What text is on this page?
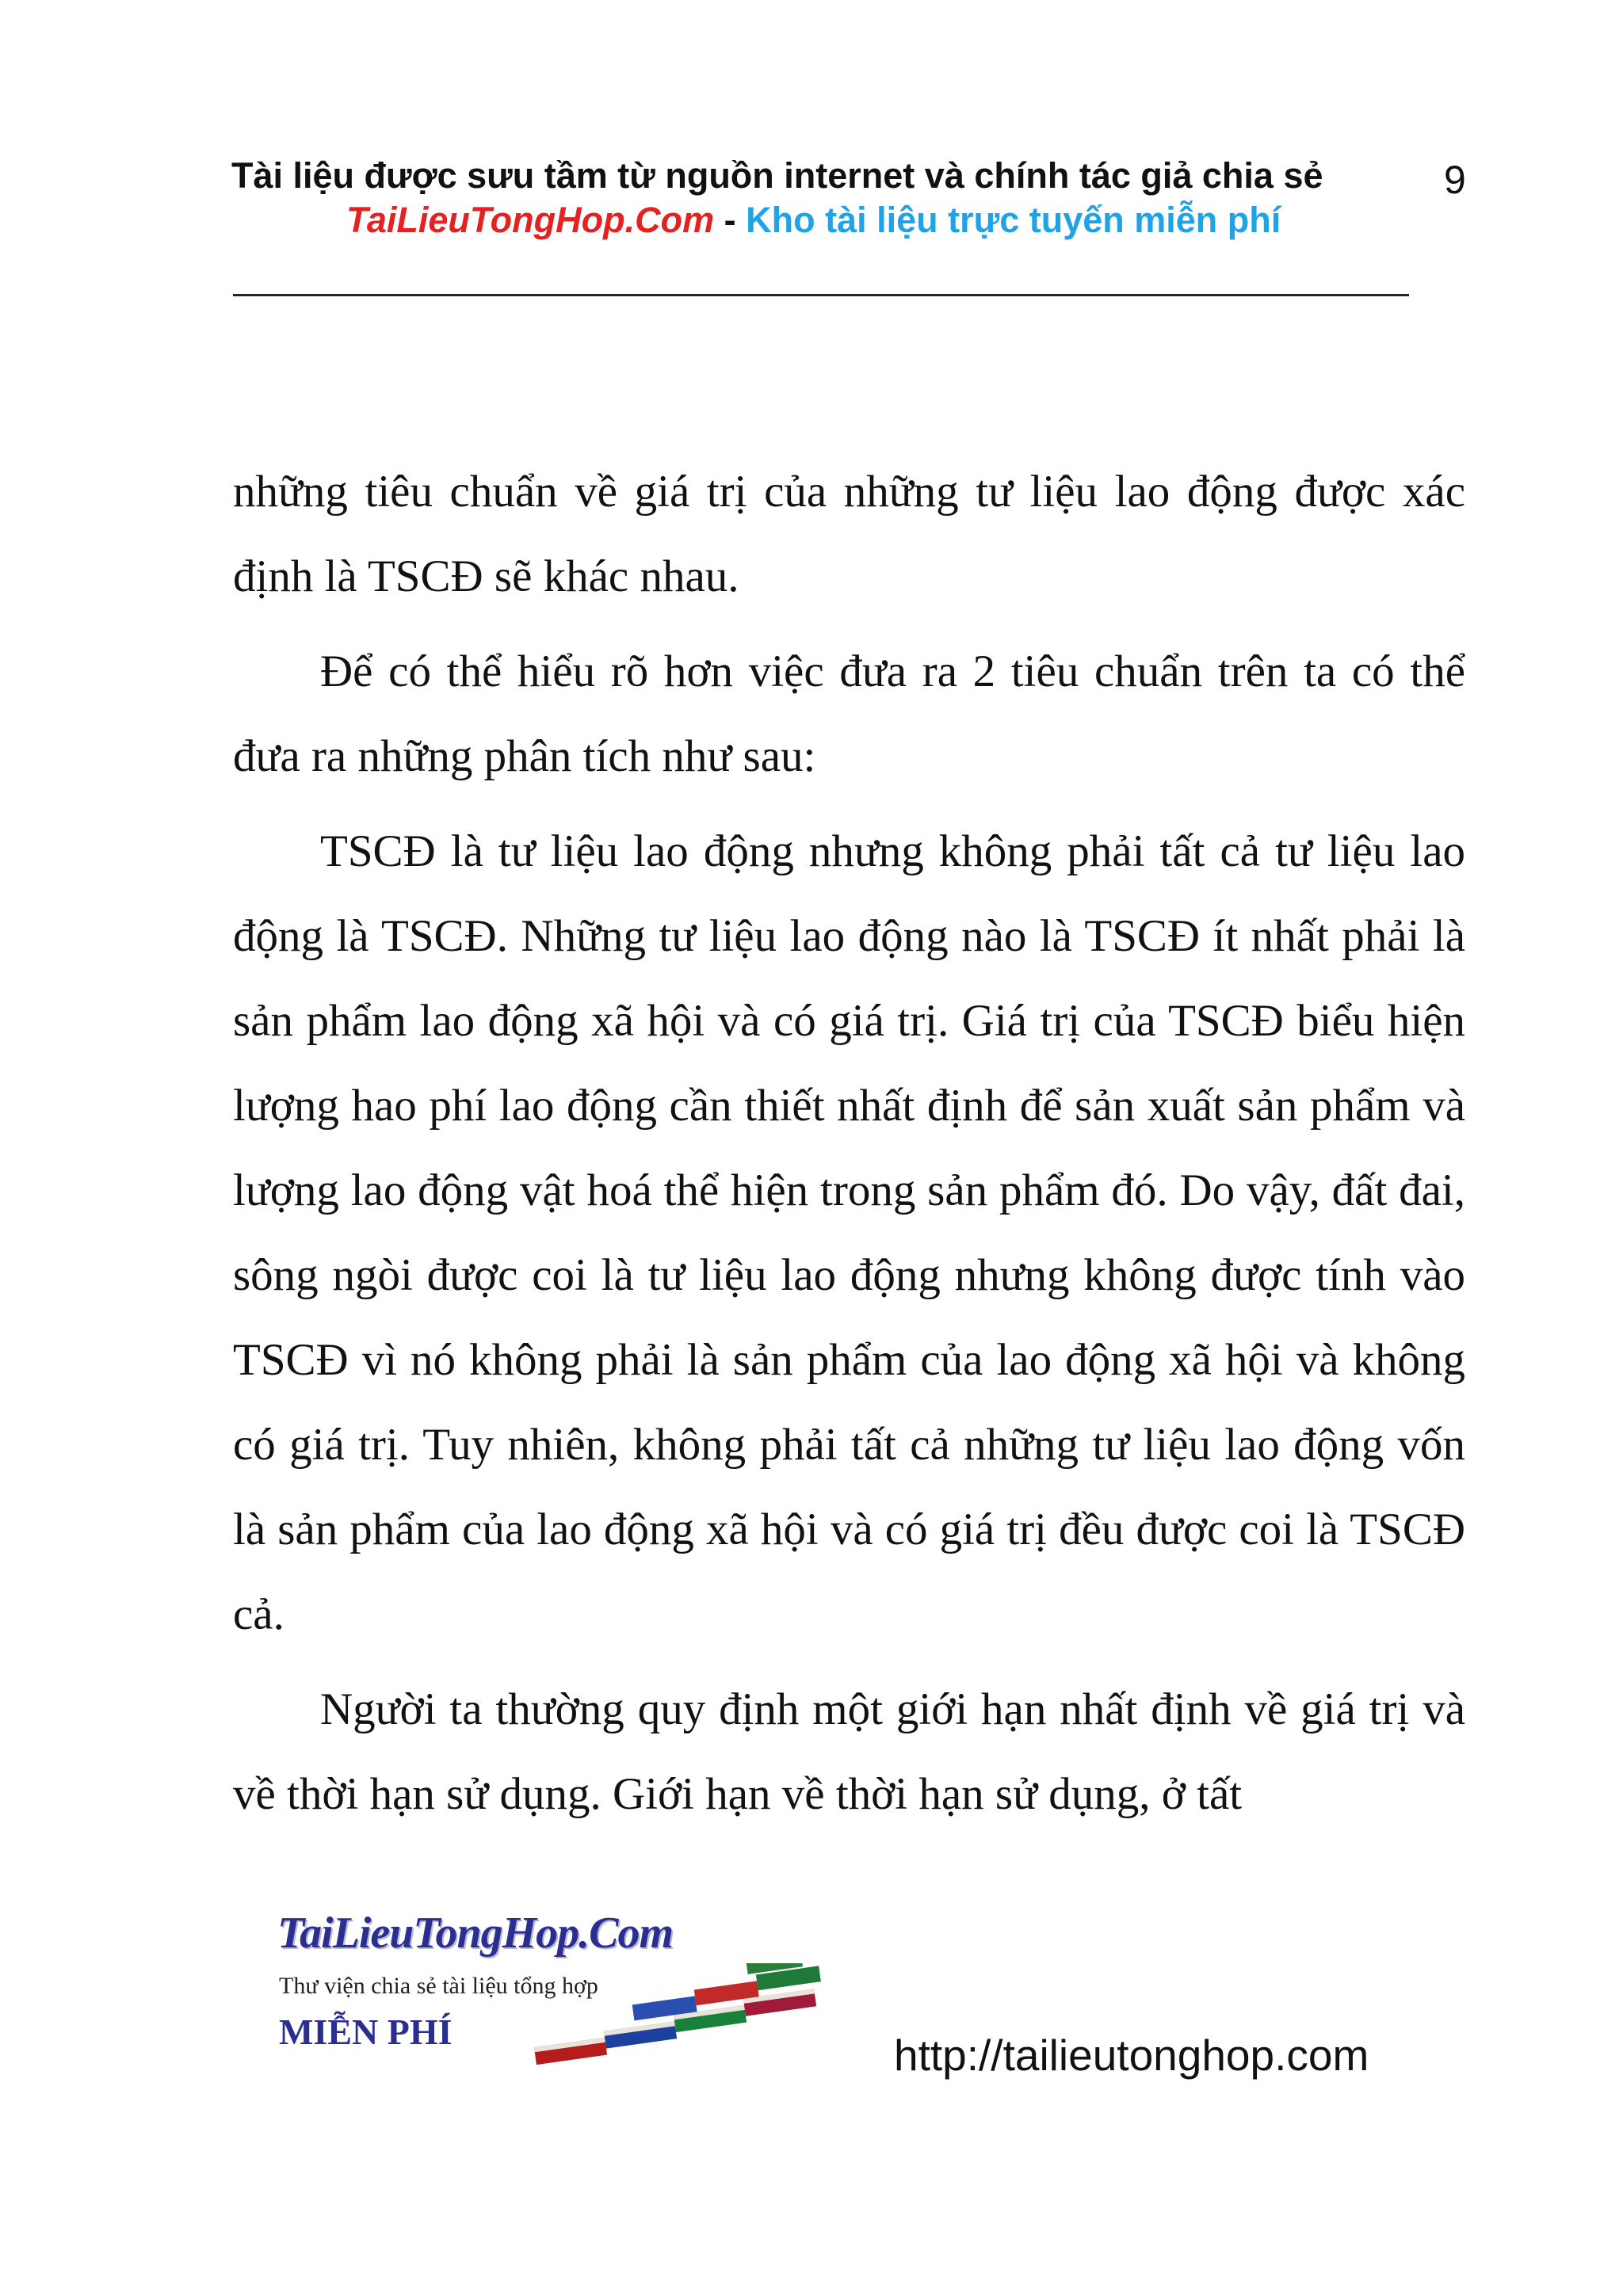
Tài liệu được sưu tầm từ nguồn internet và chính tác giả chia sẻ	9
TaiLieuTongHop.Com - Kho tài liệu trực tuyến miễn phí

những tiêu chuẩn về giá trị của những tư liệu lao động được xác định là TSCĐ sẽ khác nhau.

Để có thể hiểu rõ hơn việc đưa ra 2 tiêu chuẩn trên ta có thể đưa ra những phân tích như sau:

TSCĐ là tư liệu lao động nhưng không phải tất cả tư liệu lao động là TSCĐ. Những tư liệu lao động nào là TSCĐ ít nhất phải là sản phẩm lao động xã hội và có giá trị. Giá trị của TSCĐ biểu hiện lượng hao phí lao động cần thiết nhất định để sản xuất sản phẩm và lượng lao động vật hoá thể hiện trong sản phẩm đó. Do vậy, đất đai, sông ngòi được coi là tư liệu lao động nhưng không được tính vào TSCĐ vì nó không phải là sản phẩm của lao động xã hội và không có giá trị. Tuy nhiên, không phải tất cả những tư liệu lao động vốn là sản phẩm của lao động xã hội và có giá trị đều được coi là TSCĐ cả.

Người ta thường quy định một giới hạn nhất định về giá trị và về thời hạn sử dụng. Giới hạn về thời hạn sử dụng, ở tất

TaiLieuTongHop.Com
Thư viện chia sẻ tài liệu tổng hợp
MIỄN PHÍ	http://tailieutonghop.com
